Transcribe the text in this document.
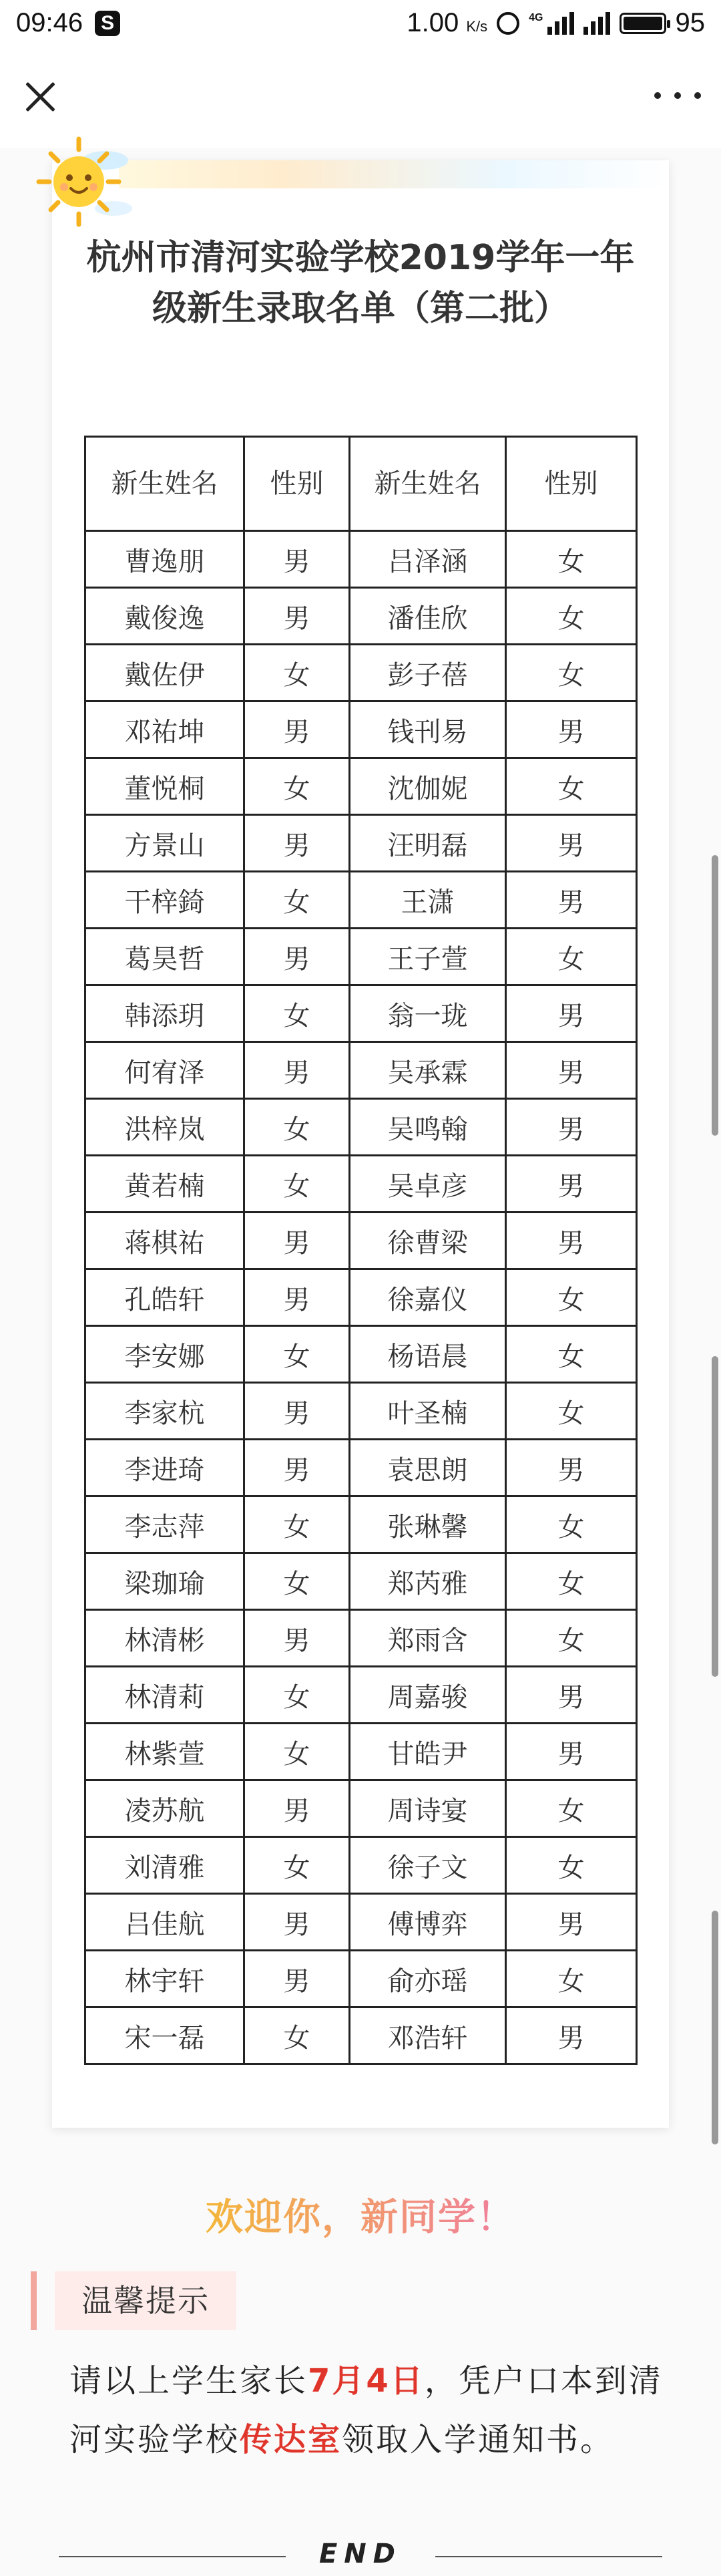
09:46 S	1.00 K/s
4G	95
杭州市清河实验学校2019学年一年级新生录取名单（第二批）
新生姓名	性别	新生姓名	性别
曹逸朋	男	吕泽涵	女
戴俊逸	男	潘佳欣	女
戴佐伊	女	彭子蓓	女
邓祐坤	男	钱刊易	男
董悦桐	女	沈伽妮	女
方景山	男	汪明磊	男
干梓錡	女	王潇	男
葛昊哲	男	王子萱	女
韩添玥	女	翁一珑	男
何宥泽	男	吴承霖	男
洪梓岚	女	吴鸣翰	男
黄若楠	女	吴卓彦	男
蒋棋祐	男	徐曹梁	男
孔皓轩	男	徐嘉仪	女
李安娜	女	杨语晨	女
李家杭	男	叶圣楠	女
李进琦	男	袁思朗	男
李志萍	女	张琳馨	女
梁珈瑜	女	郑芮雅	女
林清彬	男	郑雨含	女
林清莉	女	周嘉骏	男
林紫萱	女	甘皓尹	男
凌苏航	男	周诗宴	女
刘清雅	女	徐子文	女
吕佳航	男	傅博弈	男
林宇轩	男	俞亦瑶	女
宋一磊	女	邓浩轩	男
欢迎你，新同学！
温馨提示
请以上学生家长7月4日，凭户口本到清河实验学校传达室领取入学通知书。
END
